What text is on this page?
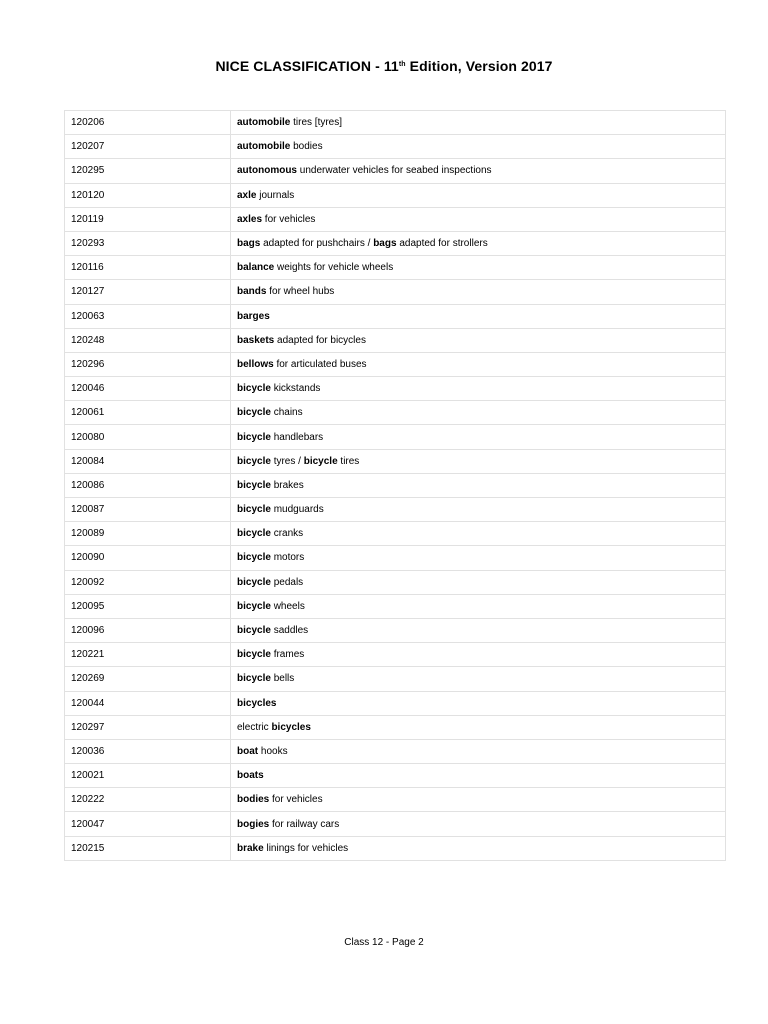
NICE CLASSIFICATION - 11th Edition, Version 2017
120206	automobile tires [tyres]
120207	automobile bodies
120295	autonomous underwater vehicles for seabed inspections
120120	axle journals
120119	axles for vehicles
120293	bags adapted for pushchairs / bags adapted for strollers
120116	balance weights for vehicle wheels
120127	bands for wheel hubs
120063	barges
120248	baskets adapted for bicycles
120296	bellows for articulated buses
120046	bicycle kickstands
120061	bicycle chains
120080	bicycle handlebars
120084	bicycle tyres / bicycle tires
120086	bicycle brakes
120087	bicycle mudguards
120089	bicycle cranks
120090	bicycle motors
120092	bicycle pedals
120095	bicycle wheels
120096	bicycle saddles
120221	bicycle frames
120269	bicycle bells
120044	bicycles
120297	electric bicycles
120036	boat hooks
120021	boats
120222	bodies for vehicles
120047	bogies for railway cars
120215	brake linings for vehicles
Class 12 - Page 2
